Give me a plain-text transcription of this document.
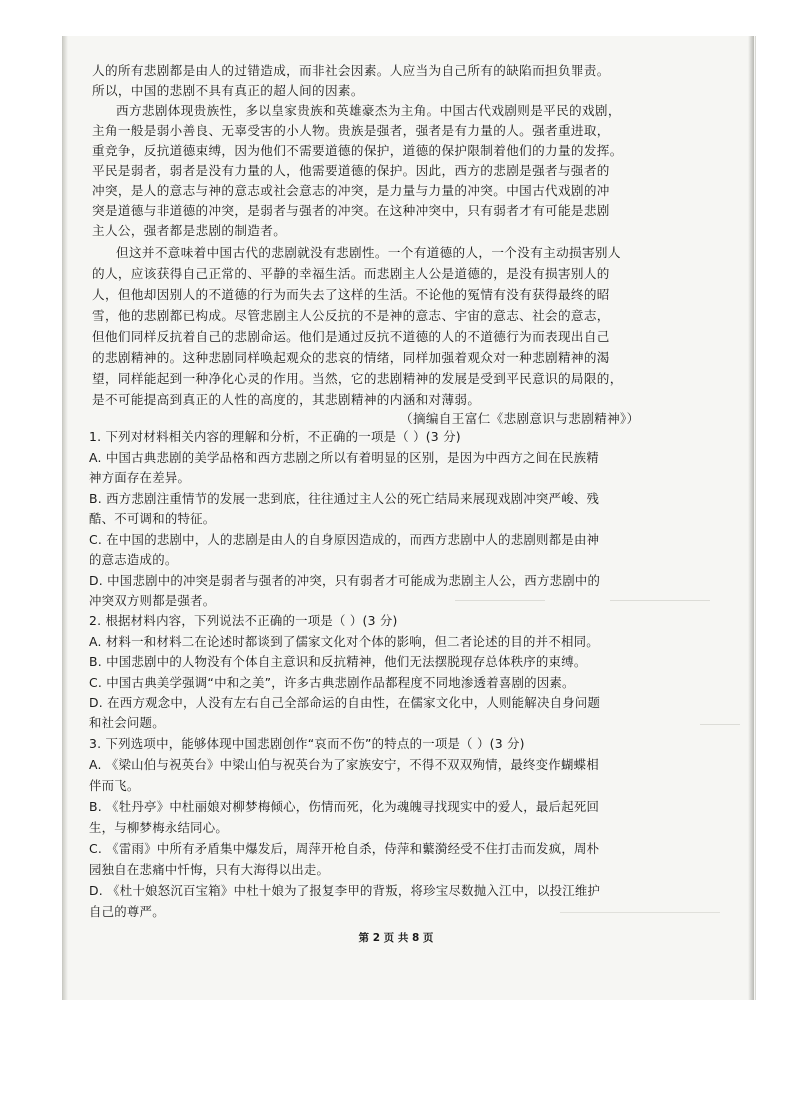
人的所有悲剧都是由人的过错造成，而非社会因素。人应当为自己所有的缺陷而担负罪责。
所以，中国的悲剧不具有真正的超人间的因素。
西方悲剧体现贵族性，多以皇家贵族和英雄豪杰为主角。中国古代戏剧则是平民的戏剧，
主角一般是弱小善良、无辜受害的小人物。贵族是强者，强者是有力量的人。强者重进取，
重竞争，反抗道德束缚，因为他们不需要道德的保护，道德的保护限制着他们的力量的发挥。
平民是弱者，弱者是没有力量的人，他需要道德的保护。因此，西方的悲剧是强者与强者的
冲突，是人的意志与神的意志或社会意志的冲突，是力量与力量的冲突。中国古代戏剧的冲
突是道德与非道德的冲突，是弱者与强者的冲突。在这种冲突中，只有弱者才有可能是悲剧
主人公，强者都是悲剧的制造者。
但这并不意味着中国古代的悲剧就没有悲剧性。一个有道德的人，一个没有主动损害别人
的人，应该获得自己正常的、平静的幸福生活。而悲剧主人公是道德的，是没有损害别人的
人，但他却因别人的不道德的行为而失去了这样的生活。不论他的冤情有没有获得最终的昭
雪，他的悲剧都已构成。尽管悲剧主人公反抗的不是神的意志、宇宙的意志、社会的意志，
但他们同样反抗着自己的悲剧命运。他们是通过反抗不道德的人的不道德行为而表现出自己
的悲剧精神的。这种悲剧同样唤起观众的悲哀的情绪，同样加强着观众对一种悲剧精神的渴
望，同样能起到一种净化心灵的作用。当然，它的悲剧精神的发展是受到平民意识的局限的，
是不可能提高到真正的人性的高度的，其悲剧精神的内涵和对薄弱。
（摘编自王富仁《悲剧意识与悲剧精神》）
1. 下列对材料相关内容的理解和分析，不正确的一项是（ ）(3 分)
A. 中国古典悲剧的美学品格和西方悲剧之所以有着明显的区别，是因为中西方之间在民族精
神方面存在差异。
B. 西方悲剧注重情节的发展一悲到底，往往通过主人公的死亡结局来展现戏剧冲突严峻、残
酷、不可调和的特征。
C. 在中国的悲剧中，人的悲剧是由人的自身原因造成的，而西方悲剧中人的悲剧则都是由神
的意志造成的。
D. 中国悲剧中的冲突是弱者与强者的冲突，只有弱者才可能成为悲剧主人公，西方悲剧中的
冲突双方则都是强者。
2. 根据材料内容，下列说法不正确的一项是（ ）(3 分)
A. 材料一和材料二在论述时都谈到了儒家文化对个体的影响，但二者论述的目的并不相同。
B. 中国悲剧中的人物没有个体自主意识和反抗精神，他们无法摆脱现存总体秩序的束缚。
C. 中国古典美学强调“中和之美”，许多古典悲剧作品都程度不同地渗透着喜剧的因素。
D. 在西方观念中，人没有左右自己全部命运的自由性，在儒家文化中，人则能解决自身问题
和社会问题。
3. 下列选项中，能够体现中国悲剧创作“哀而不伤”的特点的一项是（ ）(3 分)
A. 《梁山伯与祝英台》中梁山伯与祝英台为了家族安宁，不得不双双殉情，最终变作蝴蝶相
伴而飞。
B. 《牡丹亭》中杜丽娘对柳梦梅倾心，伤情而死，化为魂魄寻找现实中的爱人，最后起死回
生，与柳梦梅永结同心。
C. 《雷雨》中所有矛盾集中爆发后，周萍开枪自杀，侍萍和蘩漪经受不住打击而发疯，周朴
园独自在悲痛中忏悔，只有大海得以出走。
D. 《杜十娘怒沉百宝箱》中杜十娘为了报复李甲的背叛，将珍宝尽数抛入江中，以投江维护
自己的尊严。
第 2 页 共 8 页
